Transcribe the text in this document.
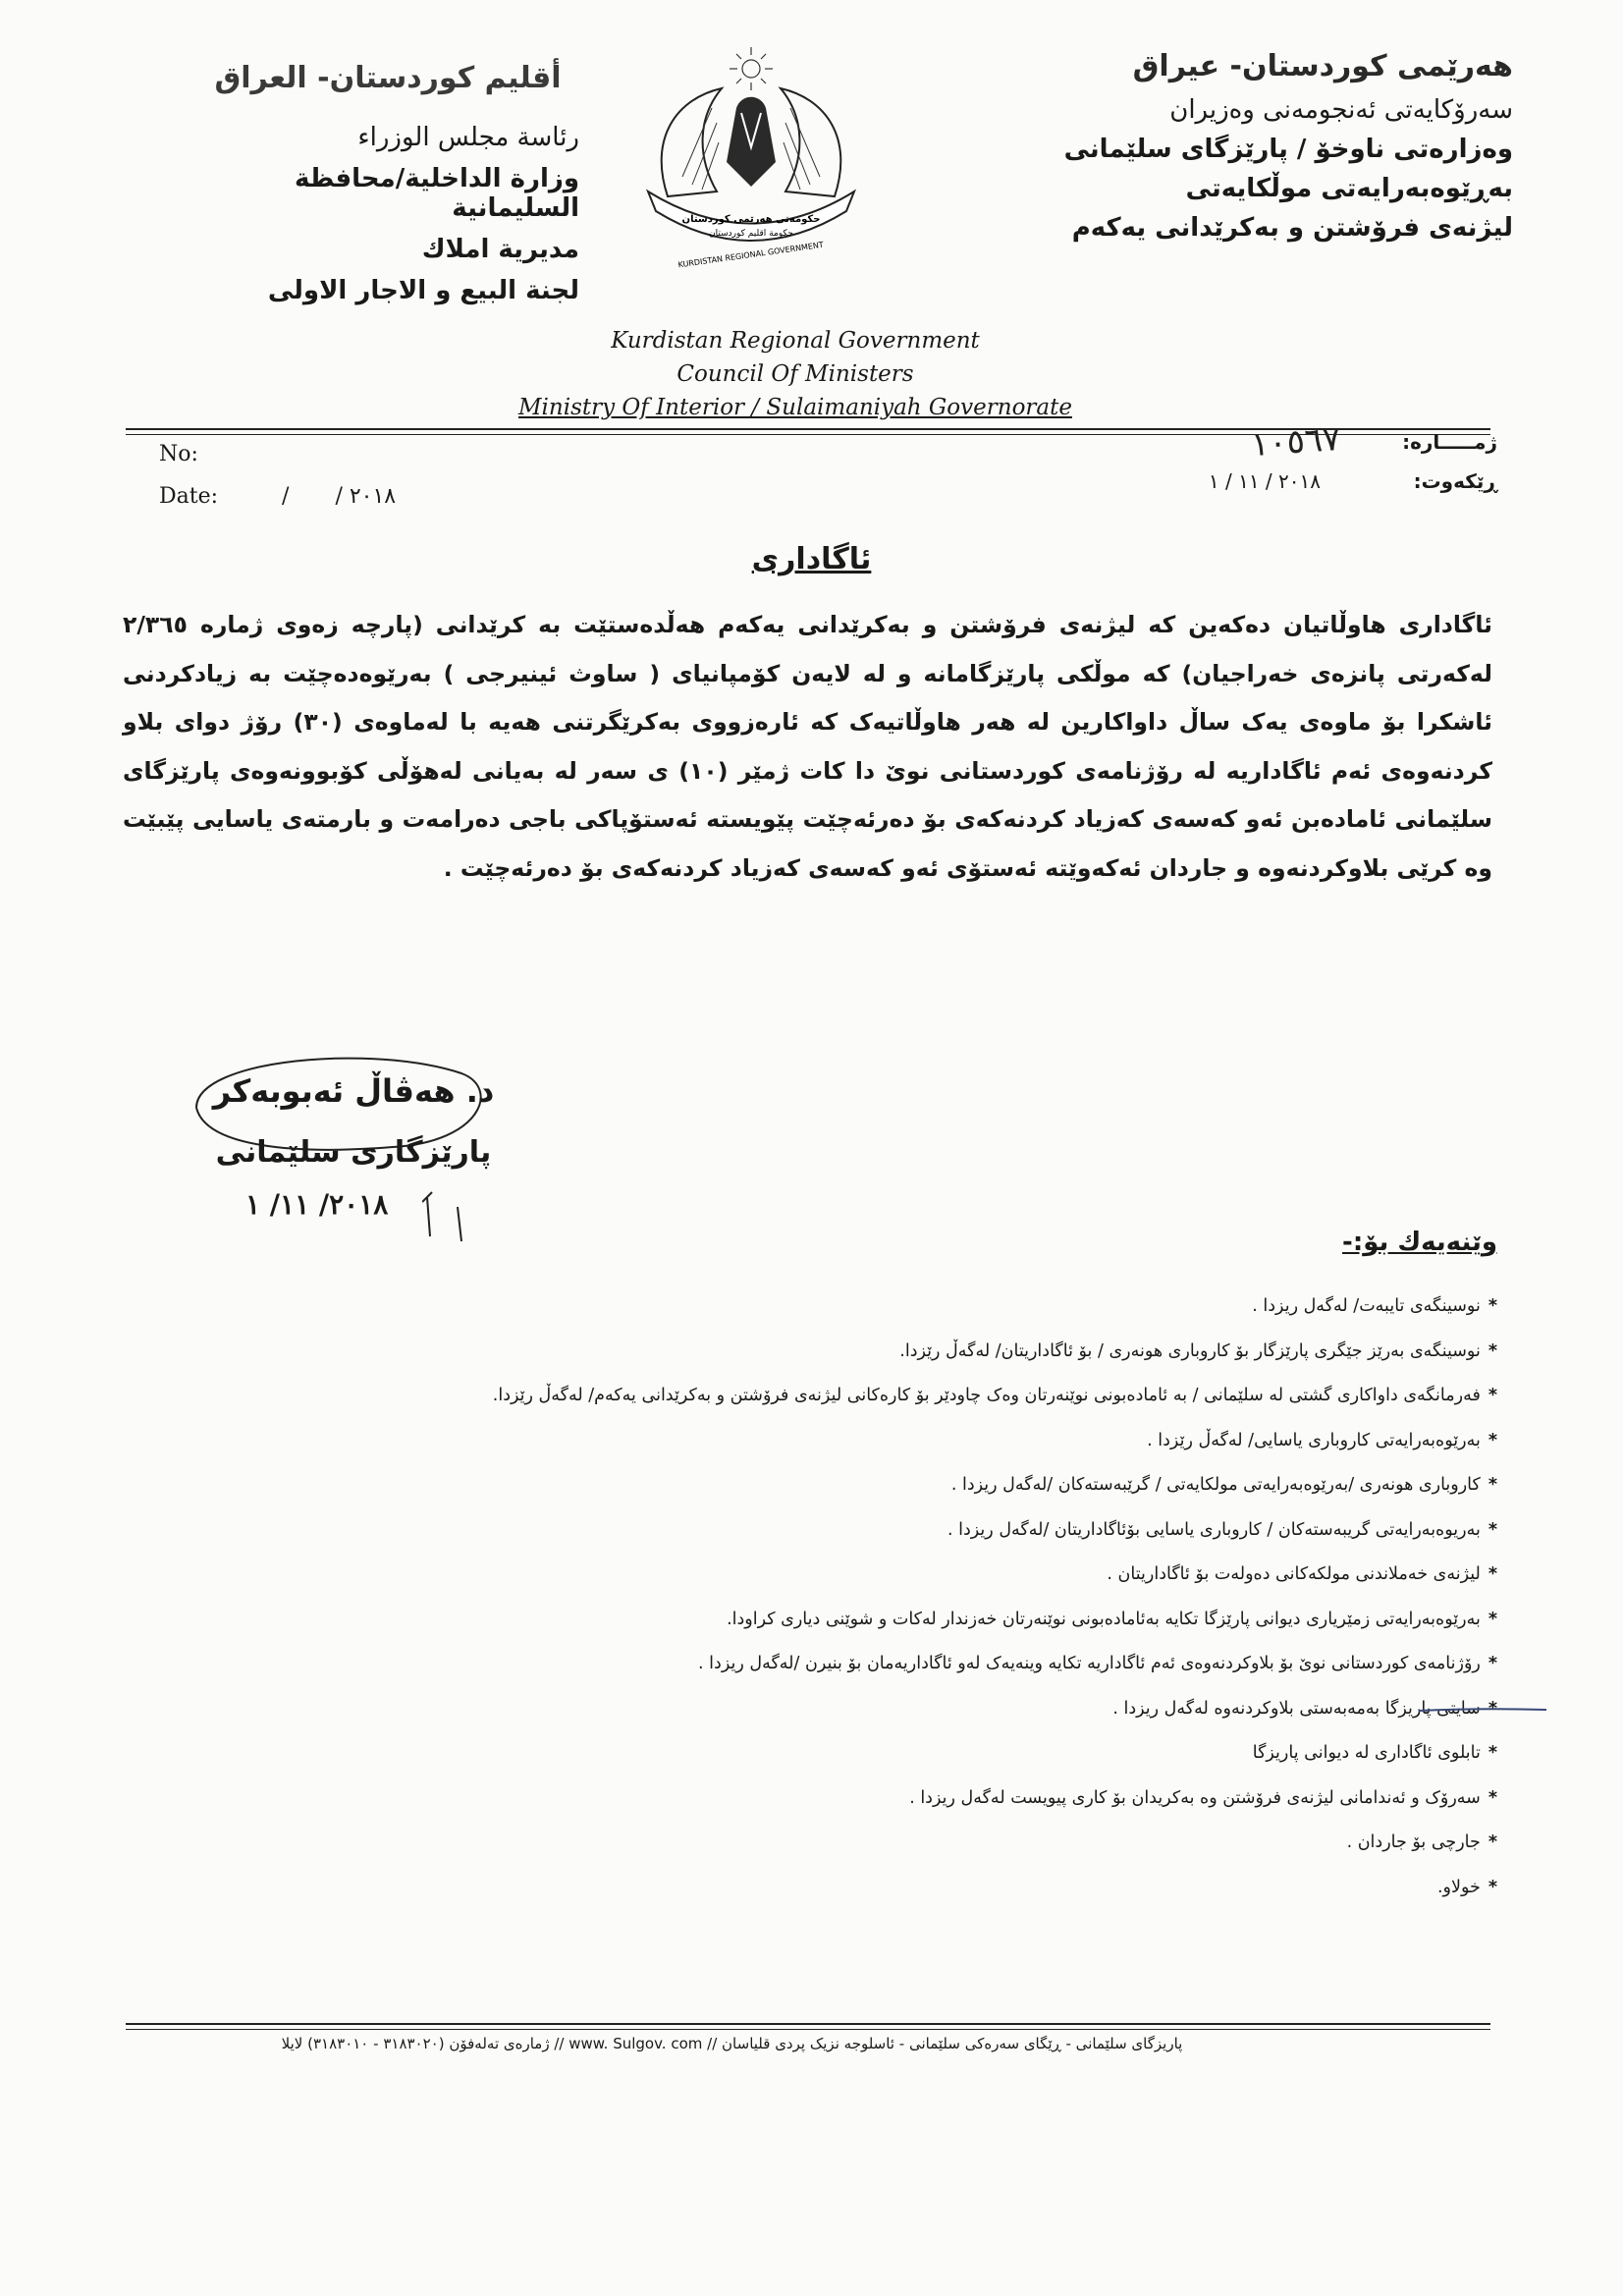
هەرێمی کوردستان- عیراق
سەرۆکایەتی ئەنجومەنی وەزیران
وەزارەتی ناوخۆ / پارێزگای سلێمانی
بەڕێوەبەرایەتی موڵکایەتی
لیژنەی فرۆشتن و بەکرێدانی یەکەم
أقليم كوردستان- العراق
رئاسة مجلس الوزراء
وزارة الداخلية/محافظة السليمانية
مديرية املاك
لجنة البيع و الاجار الاولى
حكومەتی هەرێمی کوردستان
حكومة اقليم كوردستان
KURDISTAN REGIONAL GOVERNMENT
Kurdistan Regional Government
Council Of Ministers
Ministry Of Interior / Sulaimaniyah Governorate
No:
Date:	/ / ٢٠١٨
ژمـــــاره:
١٠٥٦٧
ڕێکەوت:
٢٠١٨ / ١١ / ١
ئاگاداری
ئاگاداری هاوڵاتیان دەکەین کە لیژنەی فرۆشتن و بەکرێدانی یەکەم هەڵدەستێت بە کرێدانی (پارچە زەوی ژمارە ٢/٣٦٥ لەکەرتی پانزەی خەراجیان) کە موڵکی پارێزگامانە و لە لایەن کۆمپانیای ( ساوث ئینیرجی ) بەرێوەدەچێت بە زیادکردنی ئاشکرا بۆ ماوەی یەک ساڵ داواکارین لە هەر هاوڵاتیەک کە ئارەزووی بەکرێگرتنی هەیە با لەماوەی (٣٠) رۆژ دوای بلاو کردنەوەی ئەم ئاگاداریە لە رۆژنامەی کوردستانی نوێ دا کات ژمێر (١٠) ی سەر لە بەیانی لەهۆڵی کۆبوونەوەی پارێزگای سلێمانی ئامادەبن ئەو کەسەی کەزیاد کردنەکەی بۆ دەرئەچێت پێویستە ئەستۆپاکی باجی دەرامەت و بارمتەی یاسایی پێبێت وە کرێی بلاوکردنەوە و جاردان ئەکەوێتە ئەستۆی ئەو کەسەی کەزیاد کردنەکەی بۆ دەرئەچێت .
د. هەڤاڵ ئەبوبەکر
پارێزگاری سلێمانی
٢٠١٨/ ١١/ ١
وێنەیەك بۆ:-
*نوسینگەی تایبەت/ لەگەل ریزدا .
*نوسینگەی بەرێز جێگری پارێزگار بۆ کاروباری هونەری / بۆ ئاگاداریتان/ لەگەڵ رێزدا.
*فەرمانگەی داواکاری گشتی لە سلێمانی / بە ئامادەبونی نوێنەرتان وەک چاودێر بۆ کارەکانی لیژنەی فرۆشتن و بەکرێدانی یەکەم/ لەگەڵ رێزدا.
*بەرێوەبەرایەتی کاروباری یاسایی/ لەگەڵ رێزدا .
*کاروباری هونەری /بەرێوەبەرایەتی مولکایەتی / گرێبەستەکان /لەگەل ریزدا .
*بەریوەبەرایەتی گریبەستەکان / کاروباری یاسایی بۆئاگاداریتان /لەگەل ریزدا .
*لیژنەی خەملاندنی مولکەکانی دەولەت بۆ ئاگاداریتان .
*بەرێوەبەرایەتی زمێریاری دیوانی پارێزگا تکایە بەئامادەبونی نوێنەرتان خەزندار لەکات و شوێنی دیاری کراودا.
*رۆژنامەی کوردستانی نوێ بۆ بلاوکردنەوەی ئەم ئاگاداریە تکایە وینەیەک لەو ئاگاداریەمان بۆ بنیرن /لەگەل ریزدا .
*سایتی پاریزگا بەمەبەستی بلاوکردنەوە لەگەل ریزدا .
*تابلوی ئاگاداری لە دیوانی پاریزگا
*سەرۆک و ئەندامانی لیژنەی فرۆشتن وە بەکریدان بۆ کاری پیویست لەگەل ریزدا .
*جارچی بۆ جاردان .
*خولاو.
پاریزگای سلێمانی - ڕێگای سەرەکی سلێمانی - ئاسلوجە نزیک پردی قلیاسان // www. Sulgov. com // ژمارەی تەلەفۆن (٣١٨٣٠٢٠ - ٣١٨٣٠١٠) لایلا
